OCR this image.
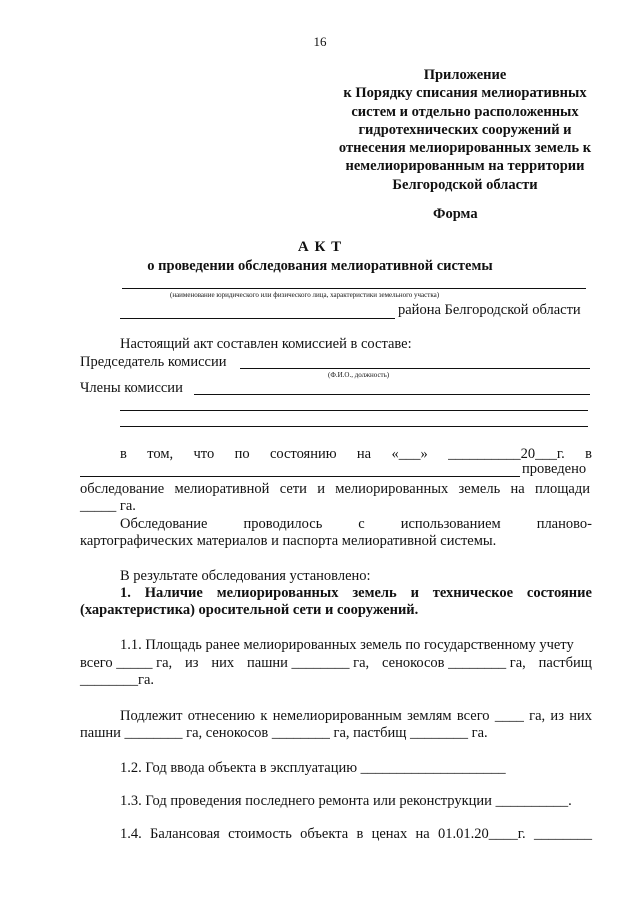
16
Приложение
к Порядку списания мелиоративных
систем и отдельно расположенных
гидротехнических сооружений и
отнесения мелиорированных земель к
немелиорированным на территории
Белгородской области
Форма
А К Т
о проведении обследования мелиоративной системы
(наименование юридического или физического лица, характеристики земельного участка)
района Белгородской области
Настоящий акт составлен комиссией в составе:
Председатель комиссии
(Ф.И.О., должность)
Члены комиссии
в том, что по состоянию на «___» __________20___г. в
проведено
обследование мелиоративной сети и мелиорированных земель на площади
_____ га.
Обследование проводилось с использованием планово-
картографических материалов и паспорта мелиоративной системы.
В результате обследования установлено:
1. Наличие мелиорированных земель и техническое состояние
(характеристика) оросительной сети и сооружений.
1.1. Площадь ранее мелиорированных земель по государственному учету
всего _____ га, из них пашни ________ га, сенокосов ________ га, пастбищ
________га.
Подлежит отнесению к немелиорированным землям всего ____ га, из них
пашни ________ га, сенокосов ________ га, пастбищ ________ га.
1.2. Год ввода объекта в эксплуатацию ____________________
1.3. Год проведения последнего ремонта или реконструкции __________.
1.4. Балансовая стоимость объекта в ценах на 01.01.20____г. ________
